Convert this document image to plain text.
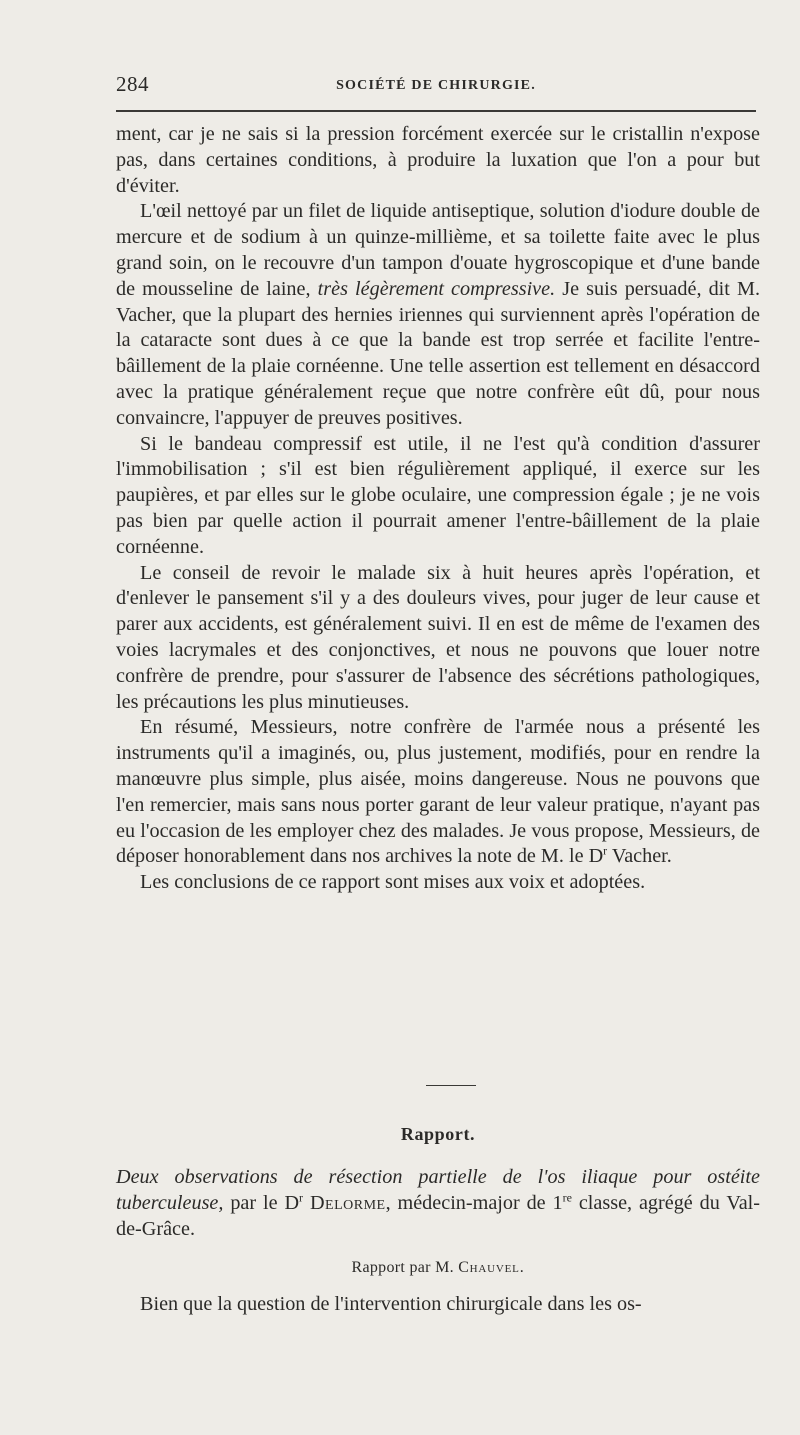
284	SOCIÉTÉ DE CHIRURGIE.

ment, car je ne sais si la pression forcément exercée sur le cristallin n'expose pas, dans certaines conditions, à produire la luxation que l'on a pour but d'éviter.

L'œil nettoyé par un filet de liquide antiseptique, solution d'iodure double de mercure et de sodium à un quinze-millième, et sa toilette faite avec le plus grand soin, on le recouvre d'un tampon d'ouate hygroscopique et d'une bande de mousseline de laine, très légèrement compressive. Je suis persuadé, dit M. Vacher, que la plupart des hernies iriennes qui surviennent après l'opération de la cataracte sont dues à ce que la bande est trop serrée et facilite l'entre-bâillement de la plaie cornéenne. Une telle assertion est tellement en désaccord avec la pratique généralement reçue que notre confrère eût dû, pour nous convaincre, l'appuyer de preuves positives.

Si le bandeau compressif est utile, il ne l'est qu'à condition d'assurer l'immobilisation ; s'il est bien régulièrement appliqué, il exerce sur les paupières, et par elles sur le globe oculaire, une compression égale ; je ne vois pas bien par quelle action il pourrait amener l'entre-bâillement de la plaie cornéenne.

Le conseil de revoir le malade six à huit heures après l'opération, et d'enlever le pansement s'il y a des douleurs vives, pour juger de leur cause et parer aux accidents, est généralement suivi. Il en est de même de l'examen des voies lacrymales et des conjonctives, et nous ne pouvons que louer notre confrère de prendre, pour s'assurer de l'absence des sécrétions pathologiques, les précautions les plus minutieuses.

En résumé, Messieurs, notre confrère de l'armée nous a présenté les instruments qu'il a imaginés, ou, plus justement, modifiés, pour en rendre la manœuvre plus simple, plus aisée, moins dangereuse. Nous ne pouvons que l'en remercier, mais sans nous porter garant de leur valeur pratique, n'ayant pas eu l'occasion de les employer chez des malades. Je vous propose, Messieurs, de déposer honorablement dans nos archives la note de M. le $D^r$ Vacher.

Les conclusions de ce rapport sont mises aux voix et adoptées.

Rapport.

Deux observations de résection partielle de l'os iliaque pour ostéite tuberculeuse, par le $D^r$ Delorme, médecin-major de 1re classe, agrégé du Val-de-Grâce.

Rapport par M. Chauvel.
Bien que la question de l'intervention chirurgicale dans les os-
